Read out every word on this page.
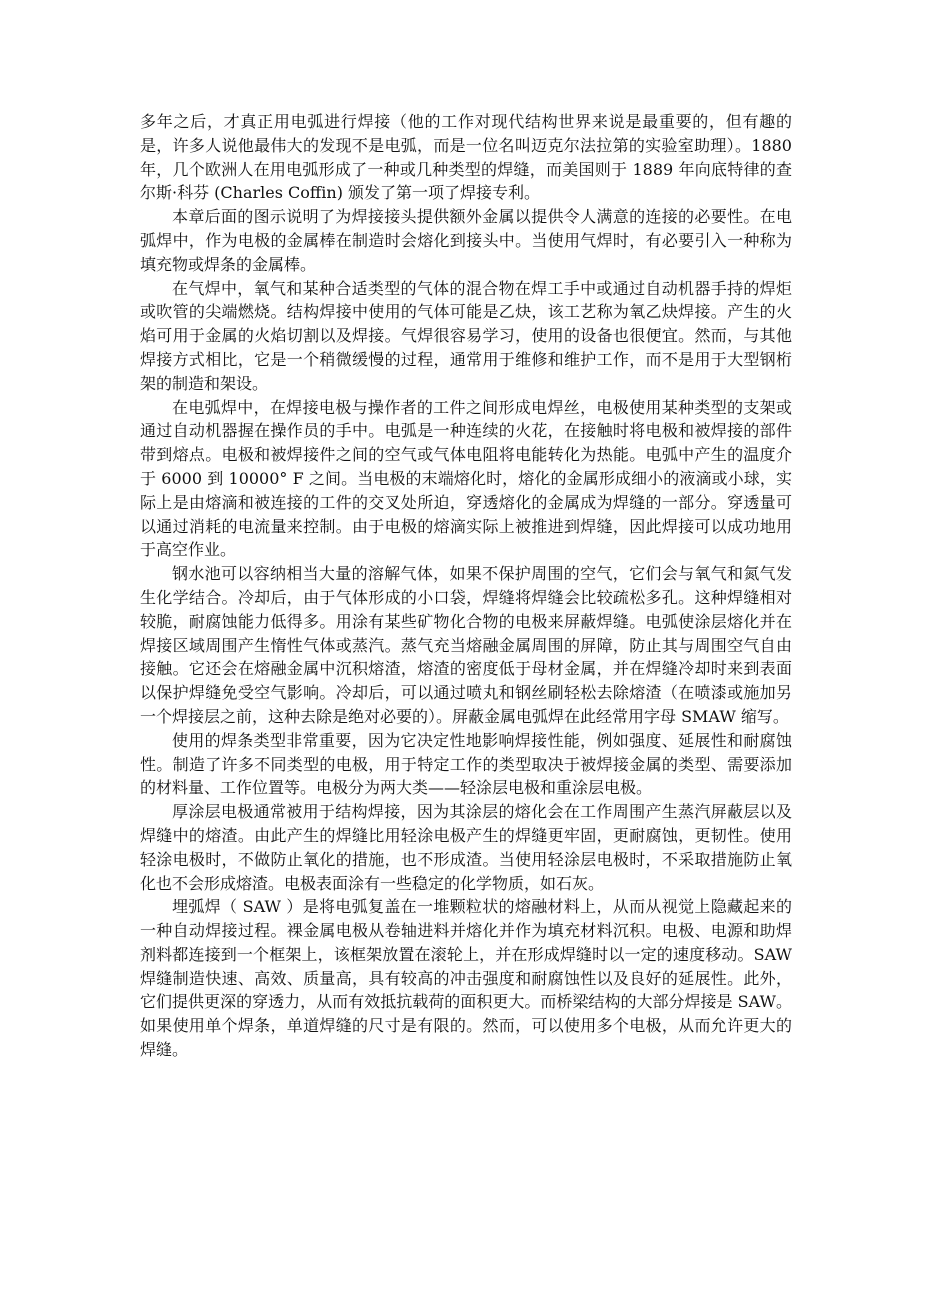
多年之后，才真正用电弧进行焊接（他的工作对现代结构世界来说是最重要的，但有趣的是，许多人说他最伟大的发现不是电弧，而是一位名叫迈克尔法拉第的实验室助理）。1880 年，几个欧洲人在用电弧形成了一种或几种类型的焊缝，而美国则于 1889 年向底特律的查尔斯·科芬 (Charles Coffin) 颁发了第一项了焊接专利。

本章后面的图示说明了为焊接接头提供额外金属以提供令人满意的连接的必要性。在电弧焊中，作为电极的金属棒在制造时会熔化到接头中。当使用气焊时，有必要引入一种称为填充物或焊条的金属棒。

在气焊中，氧气和某种合适类型的气体的混合物在焊工手中或通过自动机器手持的焊炬或吹管的尖端燃烧。结构焊接中使用的气体可能是乙炔，该工艺称为氧乙炔焊接。产生的火焰可用于金属的火焰切割以及焊接。气焊很容易学习，使用的设备也很便宜。然而，与其他焊接方式相比，它是一个稍微缓慢的过程，通常用于维修和维护工作，而不是用于大型钢桁架的制造和架设。

在电弧焊中，在焊接电极与操作者的工件之间形成电焊丝，电极使用某种类型的支架或通过自动机器握在操作员的手中。电弧是一种连续的火花，在接触时将电极和被焊接的部件带到熔点。电极和被焊接件之间的空气或气体电阻将电能转化为热能。电弧中产生的温度介于 6000 到 10000° F 之间。当电极的末端熔化时，熔化的金属形成细小的液滴或小球，实际上是由熔滴和被连接的工件的交叉处所迫，穿透熔化的金属成为焊缝的一部分。穿透量可以通过消耗的电流量来控制。由于电极的熔滴实际上被推进到焊缝，因此焊接可以成功地用于高空作业。

钢水池可以容纳相当大量的溶解气体，如果不保护周围的空气，它们会与氧气和氮气发生化学结合。冷却后，由于气体形成的小口袋，焊缝将焊缝会比较疏松多孔。这种焊缝相对较脆，耐腐蚀能力低得多。用涂有某些矿物化合物的电极来屏蔽焊缝。电弧使涂层熔化并在焊接区域周围产生惰性气体或蒸汽。蒸气充当熔融金属周围的屏障，防止其与周围空气自由接触。它还会在熔融金属中沉积熔渣，熔渣的密度低于母材金属，并在焊缝冷却时来到表面以保护焊缝免受空气影响。冷却后，可以通过喷丸和钢丝刷轻松去除熔渣（在喷漆或施加另一个焊接层之前，这种去除是绝对必要的）。屏蔽金属电弧焊在此经常用字母 SMAW 缩写。

使用的焊条类型非常重要，因为它决定性地影响焊接性能，例如强度、延展性和耐腐蚀性。制造了许多不同类型的电极，用于特定工作的类型取决于被焊接金属的类型、需要添加的材料量、工作位置等。电极分为两大类——轻涂层电极和重涂层电极。

厚涂层电极通常被用于结构焊接，因为其涂层的熔化会在工作周围产生蒸汽屏蔽层以及焊缝中的熔渣。由此产生的焊缝比用轻涂电极产生的焊缝更牢固，更耐腐蚀，更韧性。使用轻涂电极时，不做防止氧化的措施，也不形成渣。当使用轻涂层电极时，不采取措施防止氧化也不会形成熔渣。电极表面涂有一些稳定的化学物质，如石灰。

埋弧焊（ SAW ）是将电弧复盖在一堆颗粒状的熔融材料上，从而从视觉上隐藏起来的一种自动焊接过程。裸金属电极从卷轴进料并熔化并作为填充材料沉积。电极、电源和助焊剂料都连接到一个框架上，该框架放置在滚轮上，并在形成焊缝时以一定的速度移动。SAW 焊缝制造快速、高效、质量高，具有较高的冲击强度和耐腐蚀性以及良好的延展性。此外，它们提供更深的穿透力，从而有效抵抗载荷的面积更大。而桥梁结构的大部分焊接是 SAW。如果使用单个焊条，单道焊缝的尺寸是有限的。然而，可以使用多个电极，从而允许更大的焊缝。
